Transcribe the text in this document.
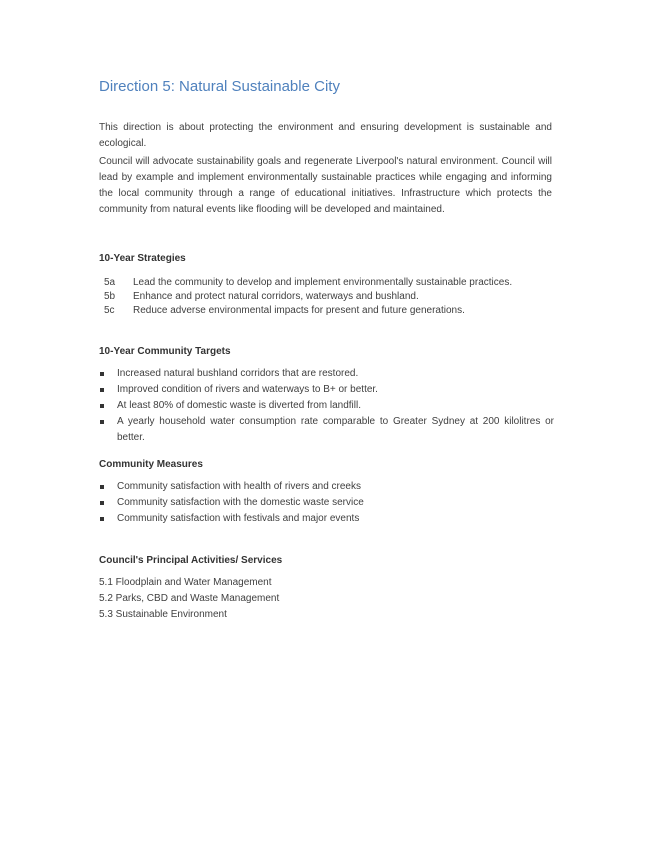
Direction 5: Natural Sustainable City

This direction is about protecting the environment and ensuring development is sustainable and ecological.

Council will advocate sustainability goals and regenerate Liverpool's natural environment. Council will lead by example and implement environmentally sustainable practices while engaging and informing the local community through a range of educational initiatives. Infrastructure which protects the community from natural events like flooding will be developed and maintained.

10-Year Strategies
5a	Lead the community to develop and implement environmentally sustainable practices.
5b	Enhance and protect natural corridors, waterways and bushland.
5c	Reduce adverse environmental impacts for present and future generations.
10-Year Community Targets
Increased natural bushland corridors that are restored.
Improved condition of rivers and waterways to B+ or better.
At least 80% of domestic waste is diverted from landfill.
A yearly household water consumption rate comparable to Greater Sydney at 200 kilolitres or better.
Community Measures
Community satisfaction with health of rivers and creeks
Community satisfaction with the domestic waste service
Community satisfaction with festivals and major events
Council's Principal Activities/ Services
5.1 Floodplain and Water Management
5.2 Parks, CBD and Waste Management
5.3 Sustainable Environment
